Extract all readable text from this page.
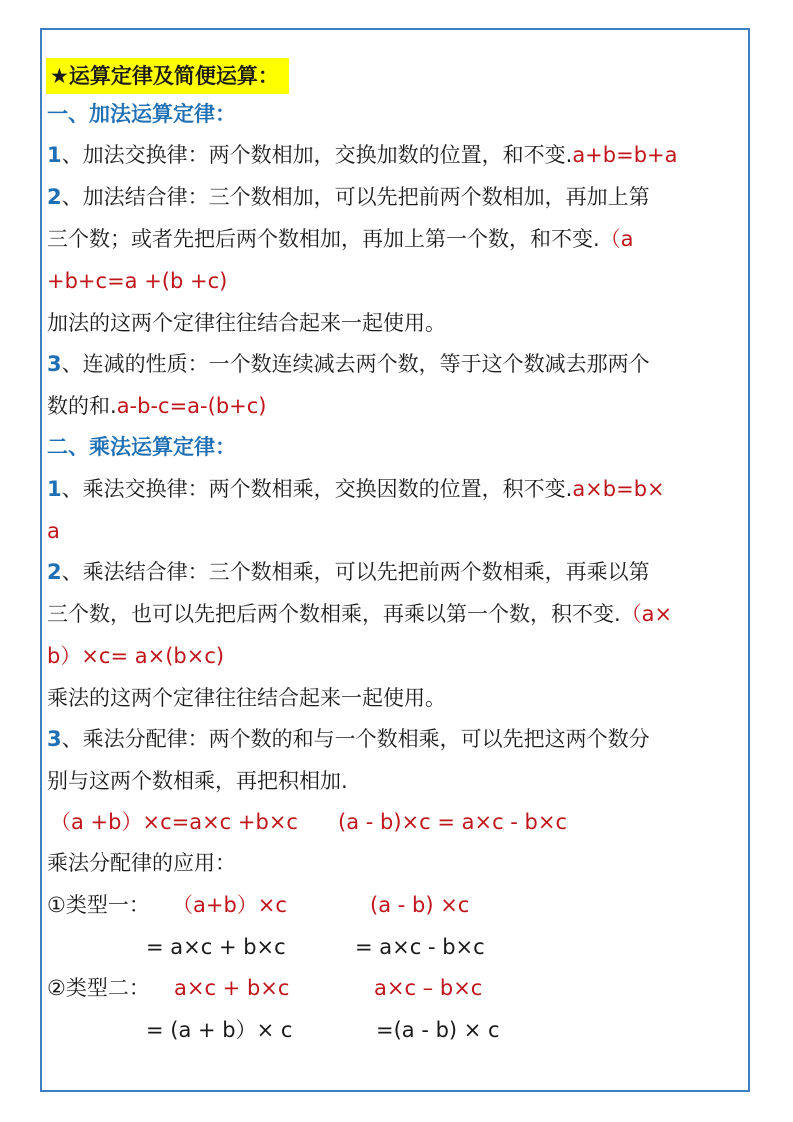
★运算定律及简便运算：
一、加法运算定律：
1、加法交换律：两个数相加，交换加数的位置，和不变.a+b=b+a
2、加法结合律：三个数相加，可以先把前两个数相加，再加上第
三个数；或者先把后两个数相加，再加上第一个数，和不变.（a
+b+c=a +(b +c)
加法的这两个定律往往结合起来一起使用。
3、连减的性质：一个数连续减去两个数，等于这个数减去那两个
数的和.a-b-c=a-(b+c)
二、乘法运算定律：
1、乘法交换律：两个数相乘，交换因数的位置，积不变.a×b=b×
a
2、乘法结合律：三个数相乘，可以先把前两个数相乘，再乘以第
三个数，也可以先把后两个数相乘，再乘以第一个数，积不变.（a×
b）×c= a×(b×c)
乘法的这两个定律往往结合起来一起使用。
3、乘法分配律：两个数的和与一个数相乘，可以先把这两个数分
别与这两个数相乘，再把积相加.
（a +b）×c=a×c +b×c (a - b)×c = a×c - b×c
乘法分配律的应用：
①类型一： （a+b）×c	(a - b) ×c
= a×c + b×c	= a×c - b×c
②类型二： a×c + b×c	a×c – b×c
= (a + b）× c	=(a - b) × c
